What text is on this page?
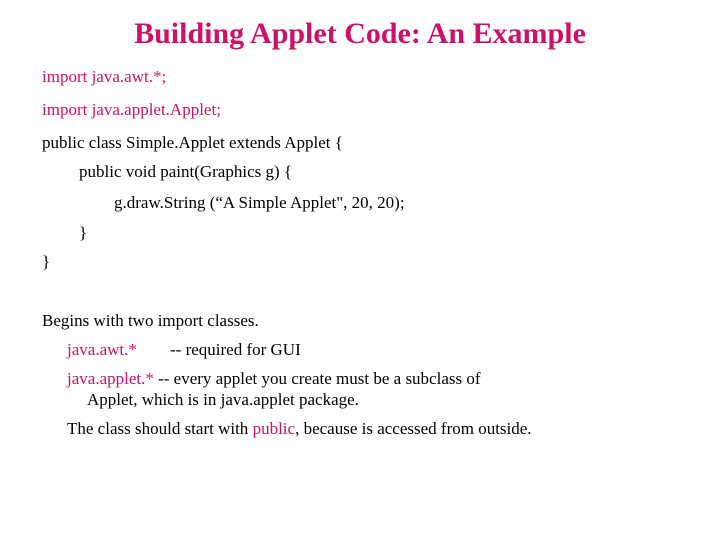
Building Applet Code: An Example
import java.awt.*;
import java.applet.Applet;
public class Simple.Applet extends Applet {
public void paint(Graphics g) {
g.draw.String (“A Simple Applet", 20, 20);
}
}
Begins with two import classes.
java.awt.* -- required for GUI
java.applet.* -- every applet you create must be a subclass of
Applet, which is in java.applet package.
The class should start with public, because is accessed from outside.
